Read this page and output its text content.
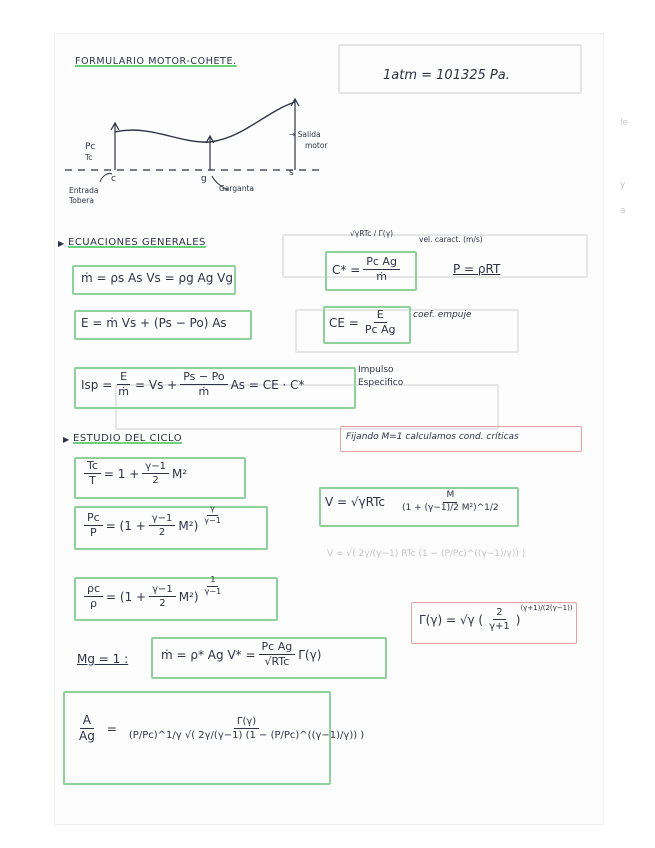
FORMULARIO MOTOR-COHETE.
1atm = 101325 Pa.
Pc
Tc
c	g
s
Entrada
Tobera
Garganta
→ Salida
motor
▶ ECUACIONES GENERALES
√γRTc / Γ(γ)
vel. caract. (m/s)
ṁ = ρs As Vs = ρg Ag Vg
$C* = \frac{\text{Pc Ag}}{\text{ṁ}}$	P = ρRT
E = ṁ Vs + (Ps − Po) As	CE = $\frac{E}{\text{Pc Ag}}$ coef. empuje
Isp = $\frac{E}{\text{ṁ}} = Vs + \frac{Ps - Po}{\text{ṁ}}$ As = CE · C*
Impulso
Especifico
▶ ESTUDIO DEL CICLO	Fijando M=1 calculamos cond. críticas
$\frac{Tc}{T} = 1 + \frac{\gamma-1}{2} M^2$
$\frac{Pc}{P} = (1 + \frac{\gamma-1}{2} M^2) \frac{\gamma}{\gamma-1}$
$V = √\gamma RTc \frac{M}{\text{(1 + (γ−1)/2 M²)\textasciicircum{}1/2}}$
V = √( 2γ/(γ−1) RTc (1 − (P/Pc)^((γ−1)/γ)) )
$\frac{\rho c}{\rho} = (1 + \frac{\gamma-1}{2} M^2) \frac{1}{\gamma-1}$
Γ(γ) = √γ ( $\frac{2}{\gamma+1}$ )
(γ+1)/(2(γ−1))
Mg = 1 :	ṁ = ρ* Ag $V* = \frac{\text{Pc Ag}}{\text{√RTc}} \Gamma(\gamma)$
$\frac{A}{Ag} = \frac{\Gamma(\gamma)}{(P/Pc)\^{}1/\gamma √( 2\gamma/(\gamma-1) (1 - (P/Pc)\^{}((\gamma-1)/\gamma)) )}$
le
y
a
